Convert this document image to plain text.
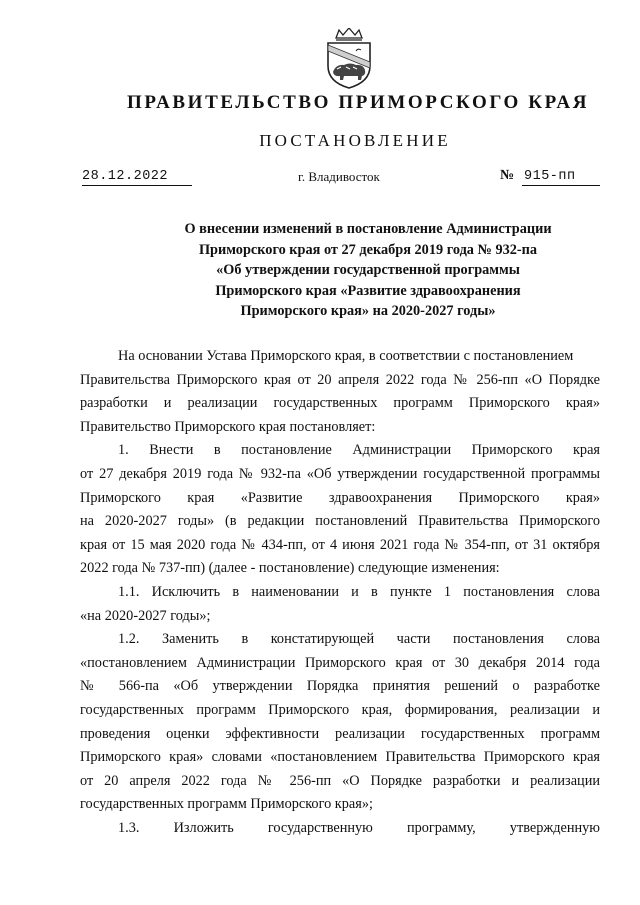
ПРАВИТЕЛЬСТВО ПРИМОРСКОГО КРАЯ
ПОСТАНОВЛЕНИЕ
28.12.2022	г. Владивосток	№ 915-пп
О внесении изменений в постановление Администрации
Приморского края от 27 декабря 2019 года № 932-па
«Об утверждении государственной программы
Приморского края «Развитие здравоохранения
Приморского края» на 2020-2027 годы»
На основании Устава Приморского края, в соответствии с постановлением
Правительства Приморского края от 20 апреля 2022 года № 256-пп «О Порядке
разработки и реализации государственных программ Приморского края»
Правительство Приморского края постановляет:
1. Внести в постановление Администрации Приморского края
от 27 декабря 2019 года № 932-па «Об утверждении государственной программы
Приморского края «Развитие здравоохранения Приморского края»
на 2020-2027 годы» (в редакции постановлений Правительства Приморского
края от 15 мая 2020 года № 434-пп, от 4 июня 2021 года № 354-пп, от 31 октября
2022 года № 737-пп) (далее - постановление) следующие изменения:
1.1. Исключить в наименовании и в пункте 1 постановления слова
«на 2020-2027 годы»;
1.2. Заменить в констатирующей части постановления слова
«постановлением Администрации Приморского края от 30 декабря 2014 года
№ 566-па «Об утверждении Порядка принятия решений о разработке
государственных программ Приморского края, формирования, реализации и
проведения оценки эффективности реализации государственных программ
Приморского края» словами «постановлением Правительства Приморского края
от 20 апреля 2022 года № 256-пп «О Порядке разработки и реализации
государственных программ Приморского края»;
1.3. Изложить государственную программу, утвержденную
